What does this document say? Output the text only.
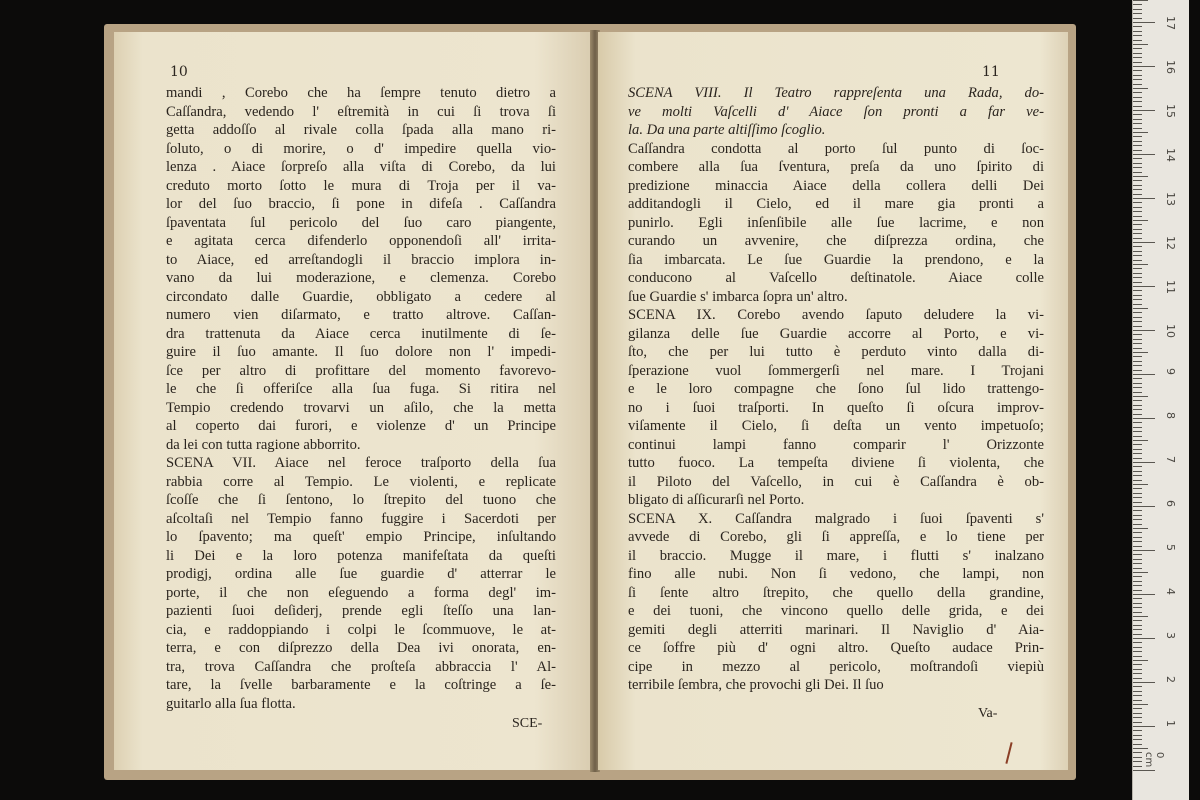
10
mandi , Corebo che ha ſempre tenuto dietro a
Caſſandra, vedendo l' eſtremità in cui ſi trova ſi
getta addoſſo al rivale colla ſpada alla mano ri-
ſoluto, o di morire, o d' impedire quella vio-
lenza . Aiace ſorpreſo alla viſta di Corebo, da lui
creduto morto ſotto le mura di Troja per il va-
lor del ſuo braccio, ſi pone in difeſa . Caſſandra
ſpaventata ſul pericolo del ſuo caro piangente,
e agitata cerca difenderlo opponendoſi all' irrita-
to Aiace, ed arreſtandogli il braccio implora in-
vano da lui moderazione, e clemenza. Corebo
circondato dalle Guardie, obbligato a cedere al
numero vien diſarmato, e tratto altrove. Caſſan-
dra trattenuta da Aiace cerca inutilmente di ſe-
guire il ſuo amante. Il ſuo dolore non l' impedi-
ſce per altro di profittare del momento favorevo-
le che ſi offeriſce alla ſua fuga. Si ritira nel
Tempio credendo trovarvi un aſilo, che la metta
al coperto dai furori, e violenze d' un Principe
da lei con tutta ragione abborrito.
SCENA VII. Aiace nel feroce traſporto della ſua
rabbia corre al Tempio. Le violenti, e replicate
ſcoſſe che ſi ſentono, lo ſtrepito del tuono che
aſcoltaſi nel Tempio fanno fuggire i Sacerdoti per
lo ſpavento; ma queſt' empio Principe, inſultando
li Dei e la loro potenza manifeſtata da queſti
prodigj, ordina alle ſue guardie d' atterrar le
porte, il che non eſeguendo a forma degl' im-
pazienti ſuoi deſiderj, prende egli ſteſſo una lan-
cia, e raddoppiando i colpi le ſcommuove, le at-
terra, e con diſprezzo della Dea ivi onorata, en-
tra, trova Caſſandra che proſteſa abbraccia l' Al-
tare, la ſvelle barbaramente e la coſtringe a ſe-
guitarlo alla ſua flotta.
SCE-
11
SCENA VIII. Il Teatro rappreſenta una Rada, do-
ve molti Vaſcelli d' Aiace ſon pronti a far ve-
la. Da una parte altiſſimo ſcoglio.
Caſſandra condotta al porto ſul punto di ſoc-
combere alla ſua ſventura, preſa da uno ſpirito di
predizione minaccia Aiace della collera delli Dei
additandogli il Cielo, ed il mare gia pronti a
punirlo. Egli inſenſibile alle ſue lacrime, e non
curando un avvenire, che diſprezza ordina, che
ſia imbarcata. Le ſue Guardie la prendono, e la
conducono al Vaſcello deſtinatole. Aiace colle
ſue Guardie s' imbarca ſopra un' altro.
SCENA IX. Corebo avendo ſaputo deludere la vi-
gilanza delle ſue Guardie accorre al Porto, e vi-
ſto, che per lui tutto è perduto vinto dalla di-
ſperazione vuol ſommergerſi nel mare. I Trojani
e le loro compagne che ſono ſul lido trattengo-
no i ſuoi traſporti. In queſto ſi oſcura improv-
viſamente il Cielo, ſi deſta un vento impetuoſo;
continui lampi fanno comparir l' Orizzonte
tutto fuoco. La tempeſta diviene ſi violenta, che
il Piloto del Vaſcello, in cui è Caſſandra è ob-
bligato di aſſicurarſi nel Porto.
SCENA X. Caſſandra malgrado i ſuoi ſpaventi s'
avvede di Corebo, gli ſi appreſſa, e lo tiene per
il braccio. Mugge il mare, i flutti s' inalzano
fino alle nubi. Non ſi vedono, che lampi, non
ſi ſente altro ſtrepito, che quello della grandine,
e dei tuoni, che vincono quello delle grida, e dei
gemiti degli atterriti marinari. Il Naviglio d' Aia-
ce ſoffre più d' ogni altro. Queſto audace Prin-
cipe in mezzo al pericolo, moſtrandoſi viepiù
terribile ſembra, che provochi gli Dei. Il ſuo
Va-
0 cm
1
2
3
4
5
6
7
8
9
10
11
12
13
14
15
16
17
